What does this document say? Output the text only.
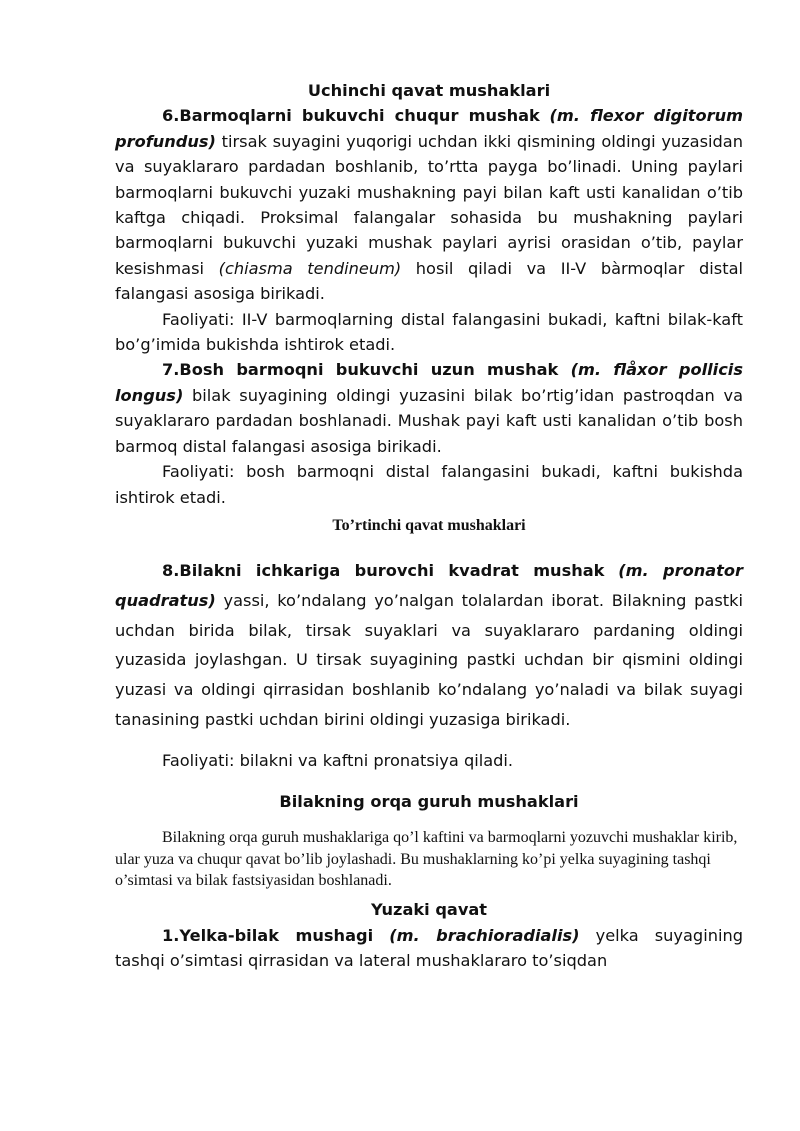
Uchinchi qavat mushaklari

6.Barmoqlarni bukuvchi chuqur mushak (m. flexor digitorum profundus) tirsak suyagini yuqorigi uchdan ikki qismining oldingi yuzasidan va suyaklararo pardadan boshlanib, to’rtta payga bo’linadi. Uning paylari barmoqlarni bukuvchi yuzaki mushakning payi bilan kaft usti kanalidan o’tib kaftga chiqadi. Proksimal falangalar sohasida bu mushakning paylari barmoqlarni bukuvchi yuzaki mushak paylari ayrisi orasidan o’tib, paylar kesishmasi (chiasma tendineum) hosil qiladi va II-V bàrmoqlar distal falangasi asosiga birikadi.

Faoliyati: II-V barmoqlarning distal falangasini bukadi, kaftni bilak-kaft bo’g’imida bukishda ishtirok etadi.

7.Bosh barmoqni bukuvchi uzun mushak (m. flåxor pollicis longus) bilak suyagining oldingi yuzasini bilak bo’rtig’idan pastroqdan va suyaklararo pardadan boshlanadi. Mushak payi kaft usti kanalidan o’tib bosh barmoq distal falangasi asosiga birikadi.

Faoliyati: bosh barmoqni distal falangasini bukadi, kaftni bukishda ishtirok etadi.

To’rtinchi qavat mushaklari

8.Bilakni ichkariga burovchi kvadrat mushak (m. pronator quadratus) yassi, ko’ndalang yo’nalgan tolalardan iborat. Bilakning pastki uchdan birida bilak, tirsak suyaklari va suyaklararo pardaning oldingi yuzasida joylashgan. U tirsak suyagining pastki uchdan bir qismini oldingi yuzasi va oldingi qirrasidan boshlanib ko’ndalang yo’naladi va bilak suyagi tanasining pastki uchdan birini oldingi yuzasiga birikadi.

Faoliyati: bilakni va kaftni pronatsiya qiladi.

Bilakning orqa guruh mushaklari

Bilakning orqa guruh mushaklariga qo’l kaftini va barmoqlarni yozuvchi mushaklar kirib, ular yuza va chuqur qavat bo’lib joylashadi. Bu mushaklarning ko’pi yelka suyagining tashqi o’simtasi va bilak fastsiyasidan boshlanadi.

Yuzaki qavat

1.Yelka-bilak mushagi (m. brachioradialis) yelka suyagining tashqi o’simtasi qirrasidan va lateral mushaklararo to’siqdan
